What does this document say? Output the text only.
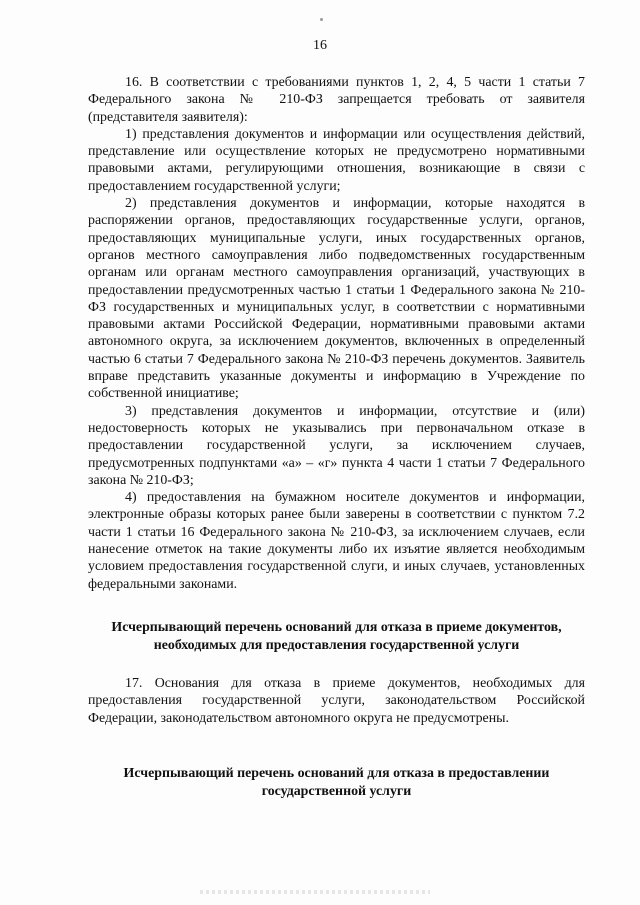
16

16. В соответствии с требованиями пунктов 1, 2, 4, 5 части 1 статьи 7 Федерального закона № 210-ФЗ запрещается требовать от заявителя (представителя заявителя):

1) представления документов и информации или осуществления действий, представление или осуществление которых не предусмотрено нормативными правовыми актами, регулирующими отношения, возникающие в связи с предоставлением государственной услуги;

2) представления документов и информации, которые находятся в распоряжении органов, предоставляющих государственные услуги, органов, предоставляющих муниципальные услуги, иных государственных органов, органов местного самоуправления либо подведомственных государственным органам или органам местного самоуправления организаций, участвующих в предоставлении предусмотренных частью 1 статьи 1 Федерального закона № 210-ФЗ государственных и муниципальных услуг, в соответствии с нормативными правовыми актами Российской Федерации, нормативными правовыми актами автономного округа, за исключением документов, включенных в определенный частью 6 статьи 7 Федерального закона № 210-ФЗ перечень документов. Заявитель вправе представить указанные документы и информацию в Учреждение по собственной инициативе;

3) представления документов и информации, отсутствие и (или) недостоверность которых не указывались при первоначальном отказе в предоставлении государственной услуги, за исключением случаев, предусмотренных подпунктами «а» – «г» пункта 4 части 1 статьи 7 Федерального закона № 210-ФЗ;

4) предоставления на бумажном носителе документов и информации, электронные образы которых ранее были заверены в соответствии с пунктом 7.2 части 1 статьи 16 Федерального закона № 210-ФЗ, за исключением случаев, если нанесение отметок на такие документы либо их изъятие является необходимым условием предоставления государственной слуги, и иных случаев, установленных федеральными законами.

Исчерпывающий перечень оснований для отказа в приеме документов, необходимых для предоставления государственной услуги

17. Основания для отказа в приеме документов, необходимых для предоставления государственной услуги, законодательством Российской Федерации, законодательством автономного округа не предусмотрены.

Исчерпывающий перечень оснований для отказа в предоставлении государственной услуги
